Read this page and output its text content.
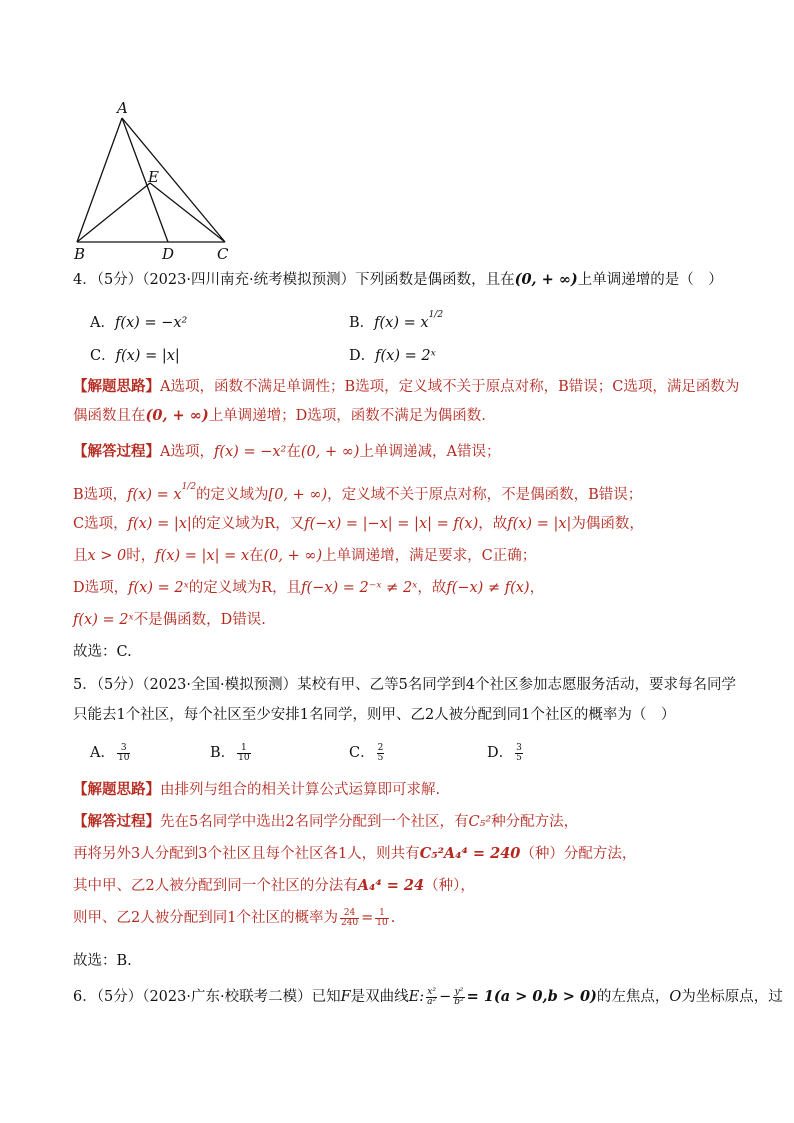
A
E
B	D	C
4．（5分）（2023·四川南充·统考模拟预测）下列函数是偶函数，且在(0, + ∞)上单调递增的是（　）
A．f(x) = −x²	B．$f(x) = x^{1/2}$
C．f(x) = |x|	D．f(x) = 2ˣ
【解题思路】A选项，函数不满足单调性；B选项，定义域不关于原点对称，B错误；C选项，满足函数为
偶函数且在(0, + ∞)上单调递增；D选项，函数不满足为偶函数.
【解答过程】A选项，f(x) = −x²在(0, + ∞)上单调递减，A错误；
B选项，$f(x) = x^{1/2}$的定义域为[0, + ∞)，定义域不关于原点对称，不是偶函数，B错误；
C选项，f(x) = |x|的定义域为R，又f(−x) = |−x| = |x| = f(x)，故f(x) = |x|为偶函数，
且x > 0时，f(x) = |x| = x在(0, + ∞)上单调递增，满足要求，C正确；
D选项，f(x) = 2ˣ的定义域为R，且f(−x) = 2⁻ˣ ≠ 2ˣ，故f(−x) ≠ f(x)，
f(x) = 2ˣ不是偶函数，D错误.
故选：C.
5．（5分）（2023·全国·模拟预测）某校有甲、乙等5名同学到4个社区参加志愿服务活动，要求每名同学
只能去1个社区，每个社区至少安排1名同学，则甲、乙2人被分配到同1个社区的概率为（　）
A． $\frac{3}{10}$	B． $\frac{1}{10}$	C． $\frac{2}{5}$	D． $\frac{3}{5}$
【解题思路】由排列与组合的相关计算公式运算即可求解.
【解答过程】先在5名同学中选出2名同学分配到一个社区，有C₅²种分配方法，
再将另外3人分配到3个社区且每个社区各1人，则共有C₅²A₄⁴ = 240（种）分配方法，
其中甲、乙2人被分配到同一个社区的分法有A₄⁴ = 24（种），
则甲、乙2人被分配到同1个社区的概率为 $\frac{24}{240} = \frac{1}{10}$ .
故选：B.
6．（5分）（2023·广东·校联考二模）已知F是双曲线E: $\frac{\text{x²}}{\text{a²}} - \frac{\text{y²}}{\text{b²}} = 1(a > 0,b > 0)$的左焦点，O为坐标原点，过
